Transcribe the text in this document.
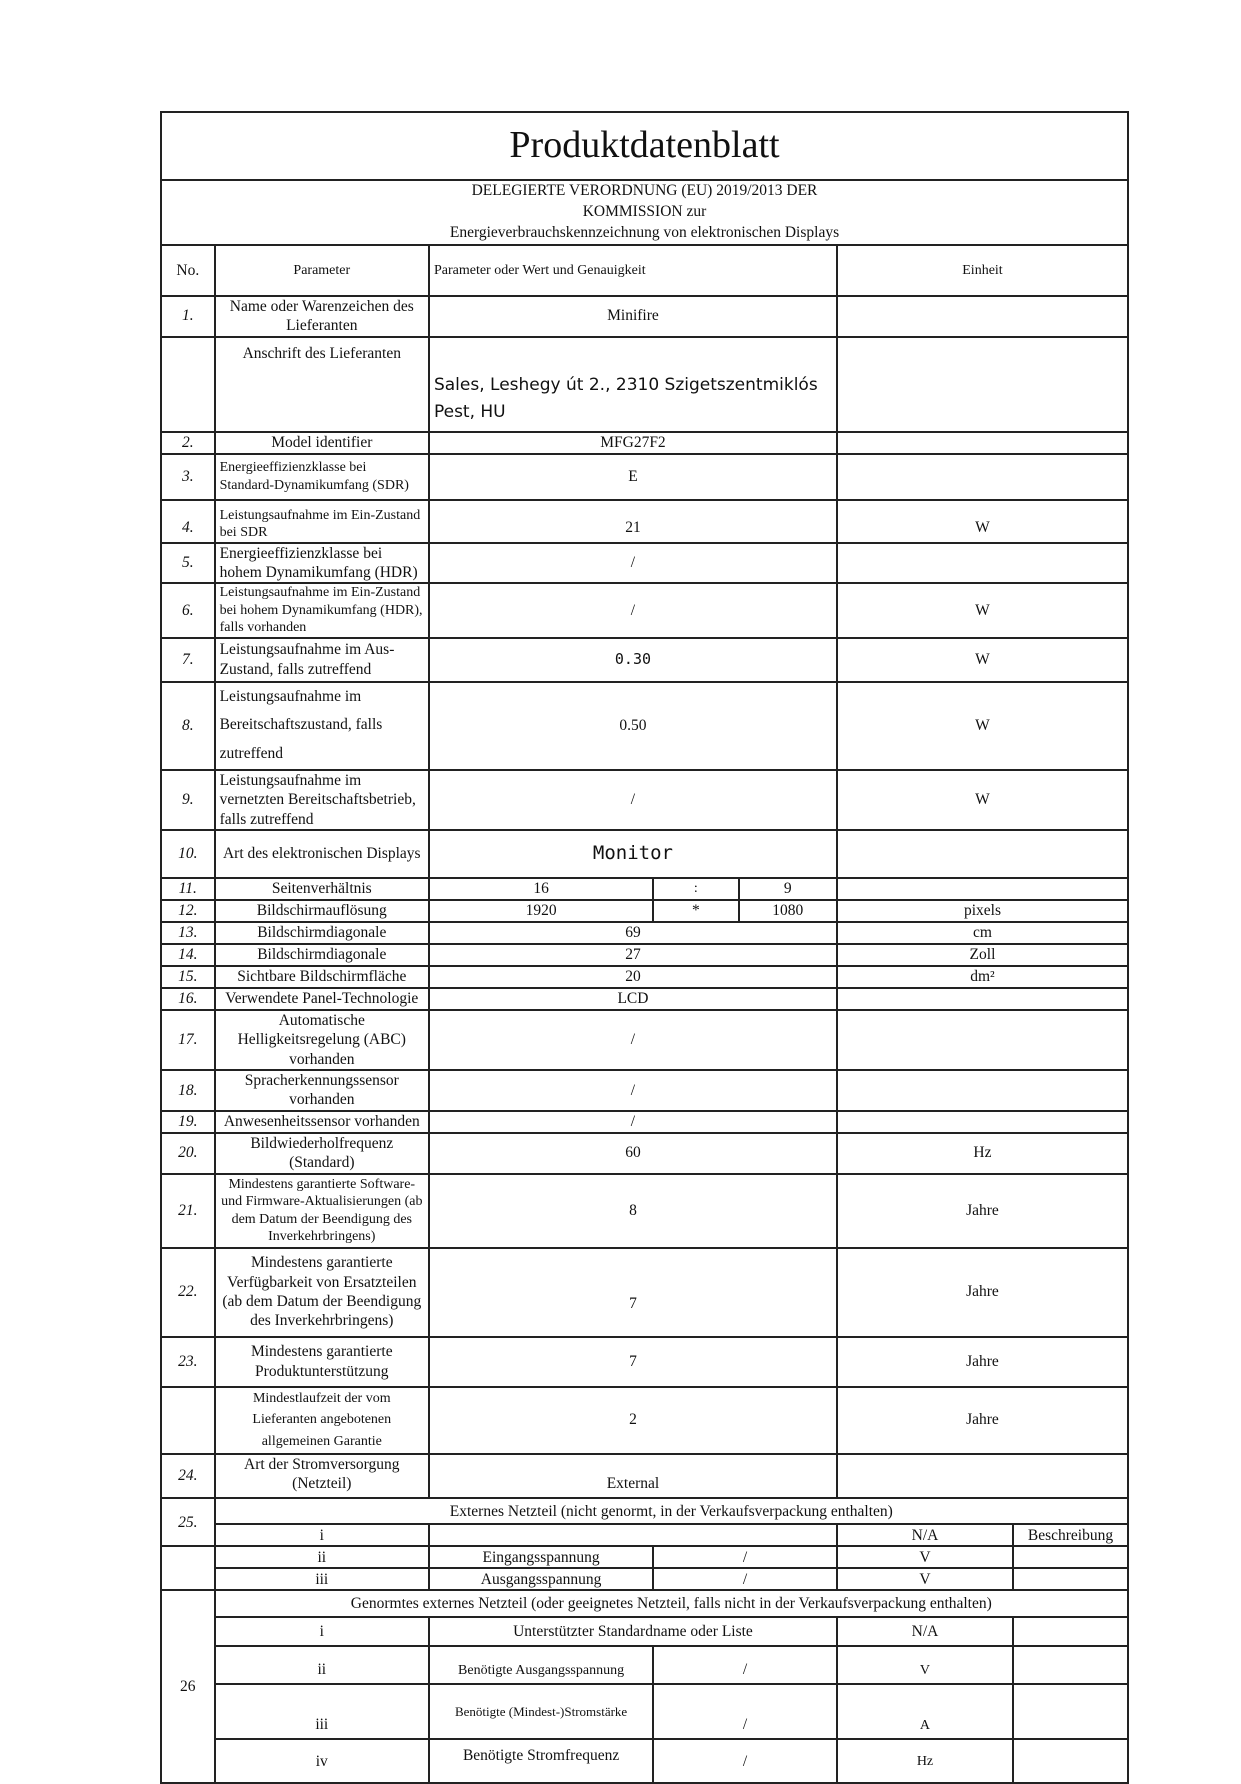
Produktdatenblatt						
DELEGIERTE VERORDNUNG (EU) 2019/2013 DER
KOMMISSION zur
Energieverbrauchskennzeichnung von elektronischen Displays						
No.	Parameter	Parameter oder Wert und Genauigkeit			Einheit	
1.	Name oder Warenzeichen des Lieferanten	Minifire				
	Anschrift des Lieferanten	Sales, Leshegy út 2., 2310 Szigetszentmiklós Pest, HU				
2.	Model identifier	MFG27F2				
3.	Energieeffizienzklasse bei Standard-Dynamikumfang (SDR)	E				
4.	Leistungsaufnahme im Ein-Zustand bei SDR	21			W	
5.	Energieeffizienzklasse bei hohem Dynamikumfang (HDR)	/				
6.	Leistungsaufnahme im Ein-Zustand bei hohem Dynamikumfang (HDR), falls vorhanden	/			W	
7.	Leistungsaufnahme im Aus-Zustand, falls zutreffend	0.30			W	
8.	Leistungsaufnahme im Bereitschaftszustand, falls zutreffend	0.50			W	
9.	Leistungsaufnahme im vernetzten Bereitschaftsbetrieb, falls zutreffend	/			W	
10.	Art des elektronischen Displays	Monitor				
11.	Seitenverhältnis	16	:	9		
12.	Bildschirmauflösung	1920	*	1080	pixels	
13.	Bildschirmdiagonale	69			cm	
14.	Bildschirmdiagonale	27			Zoll	
15.	Sichtbare Bildschirmfläche	20			dm²	
16.	Verwendete Panel-Technologie	LCD				
17.	Automatische Helligkeitsregelung (ABC) vorhanden	/				
18.	Spracherkennungssensor vorhanden	/				
19.	Anwesenheitssensor vorhanden	/				
20.	Bildwiederholfrequenz (Standard)	60			Hz	
21.	Mindestens garantierte Software- und Firmware-Aktualisierungen (ab dem Datum der Beendigung des Inverkehrbringens)	8			Jahre	
22.	Mindestens garantierte Verfügbarkeit von Ersatzteilen (ab dem Datum der Beendigung des Inverkehrbringens)	7			Jahre	
23.	Mindestens garantierte Produktunterstützung	7			Jahre	
	Mindestlaufzeit der vom Lieferanten angebotenen allgemeinen Garantie	2			Jahre	
24.	Art der Stromversorgung (Netzteil)	External				
25.	Externes Netzteil (nicht genormt, in der Verkaufsverpackung enthalten)					
	i				N/A	Beschreibung
	ii	Eingangsspannung	/		V	
	iii	Ausgangsspannung	/		V	
26	Genormtes externes Netzteil (oder geeignetes Netzteil, falls nicht in der Verkaufsverpackung enthalten)					
	i	Unterstützter Standardname oder Liste			N/A	
	ii	Benötigte Ausgangsspannung	/		V	
	iii	Benötigte (Mindest-)Stromstärke	/		A	
	iv	Benötigte Stromfrequenz	/		Hz	
